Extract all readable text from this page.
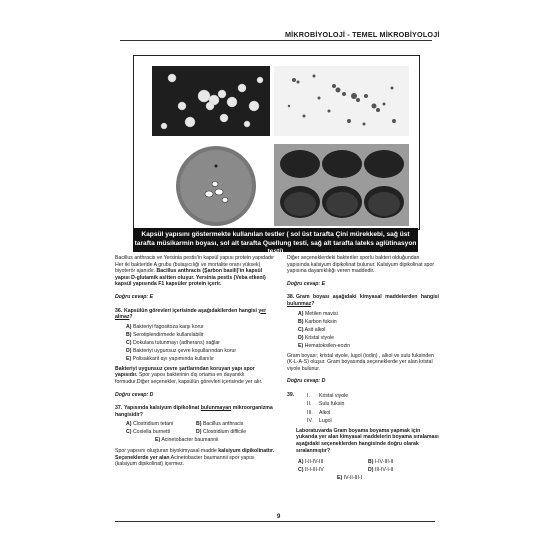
MİKROBİYOLOJİ - TEMEL MİKROBİYOLOJİ
Kapsül yapısını göstermekte kullanılan testler ( sol üst tarafta Çini mürekkebi, sağ üst tarafta müsikarmin boyası, sol alt tarafta Quellung testi, sağ alt tarafta lateks aglütinasyon testi)

Bacillus anthracis ve Yersinia pestis'in kapsül yapısı protein yapıdadır Her iki bakteride A grubu (bulaşıcılığı ve mortalite oranı yüksek) biyoterör ajanıdır. Bacillus anthracis (Şarbon basili)'in kapsül yapısı D-glutamik asitten oluşur. Yersinia pestis (Veba etkeni) kapsül yapısında F1 kapsüler protein içerir.

Doğru cevap: E
36. Kapsülün görevleri içerisinde aşağıdakilerden hangisi yer almaz?
A) Bakteriyi fagositoza karşı korur
B) Serotiplendirmede kullanılabilir
C) Dokulara tutunmayı (adherans) sağlar
D) Bakteriyi uygunsuz çevre koşullarından korur
E) Polisakkarit ayı yapımında kullanılır

Bakteriyi uygunsuz çevre şartlarından koruyan yapı spor yapısıdır. Spor yapısı bakterinin dış ortama en dayanıklı formudur.Diğer seçenekler, kapsülün görevleri içerisinde yer alır.

Doğru cevap: D
37. Yapısında kalsiyum dipikolinat bulunmayan mikroorganizma hangisidir?
A) Clostridium tetani	B) Bacillus anthracis
C) Coxiella burnetti	D) Clostridium difficile
E) Acinetobacter baumannii

Spor yapısını oluşturan biyokimyasal madde kalsiyum dipikolinattır. Seçeneklerde yer alan Acinetobacter baumannii spor yapısı (kalsiyum dipikolinat) içermez.

Diğer seçeneklerdeki bakteriler sporlu bakteri olduğundan yapısında kalsiyum dipikolinat bulunur. Kalsiyum dipikolinat spor yapısına dayanıklılığı veren maddedir.

Doğru cevap: E
38. Gram boyası aşağıdaki kimyasal maddelerden hangisi bulunmaz?
A) Metilen mavisi
B) Karbon fuksin
C) Asit alkol
D) Kristal viyole
E) Hematoksilen-eozin

Gram boyası; kristal viyole, lugol (iodin) , alkol ve sulu fuksinden (K-L-A-S) oluşur. Gram boyasında seçeneklerde yer alan kristal viyole bulunur.

Doğru cevap: D
39.	I. Kristal viyole
II. Sulu fuksin
III. Alkol
IV. Lugol

Laboratuvarda Gram boyama boyama yapmak için yukarıda yer alan kimyasal maddelerin boyama sıralaması aşağıdaki seçeneklerden hangisinde doğru olarak sıralanmıştır?

A) I-II-IV-III	B) I-IV-III-II
C) II-I-III-IV	D) III-IV-I-II
E) IV-II-III-I
9
